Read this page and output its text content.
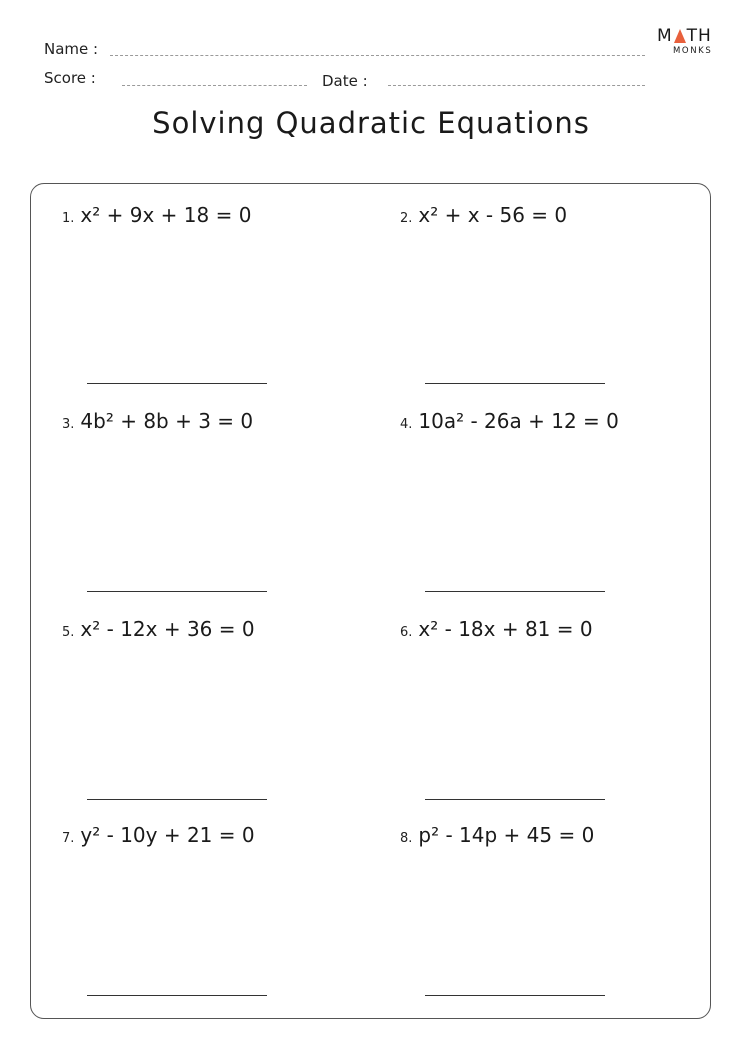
Name :
Score :	Date :
M TH
MONKS
Solving Quadratic Equations
1. x² + 9x + 18 = 0	2. x² + x - 56 = 0
3. 4b² + 8b + 3 = 0	4. 10a² - 26a + 12 = 0
5. x² - 12x + 36 = 0	6. x² - 18x + 81 = 0
7. y² - 10y + 21 = 0	8. p² - 14p + 45 = 0
